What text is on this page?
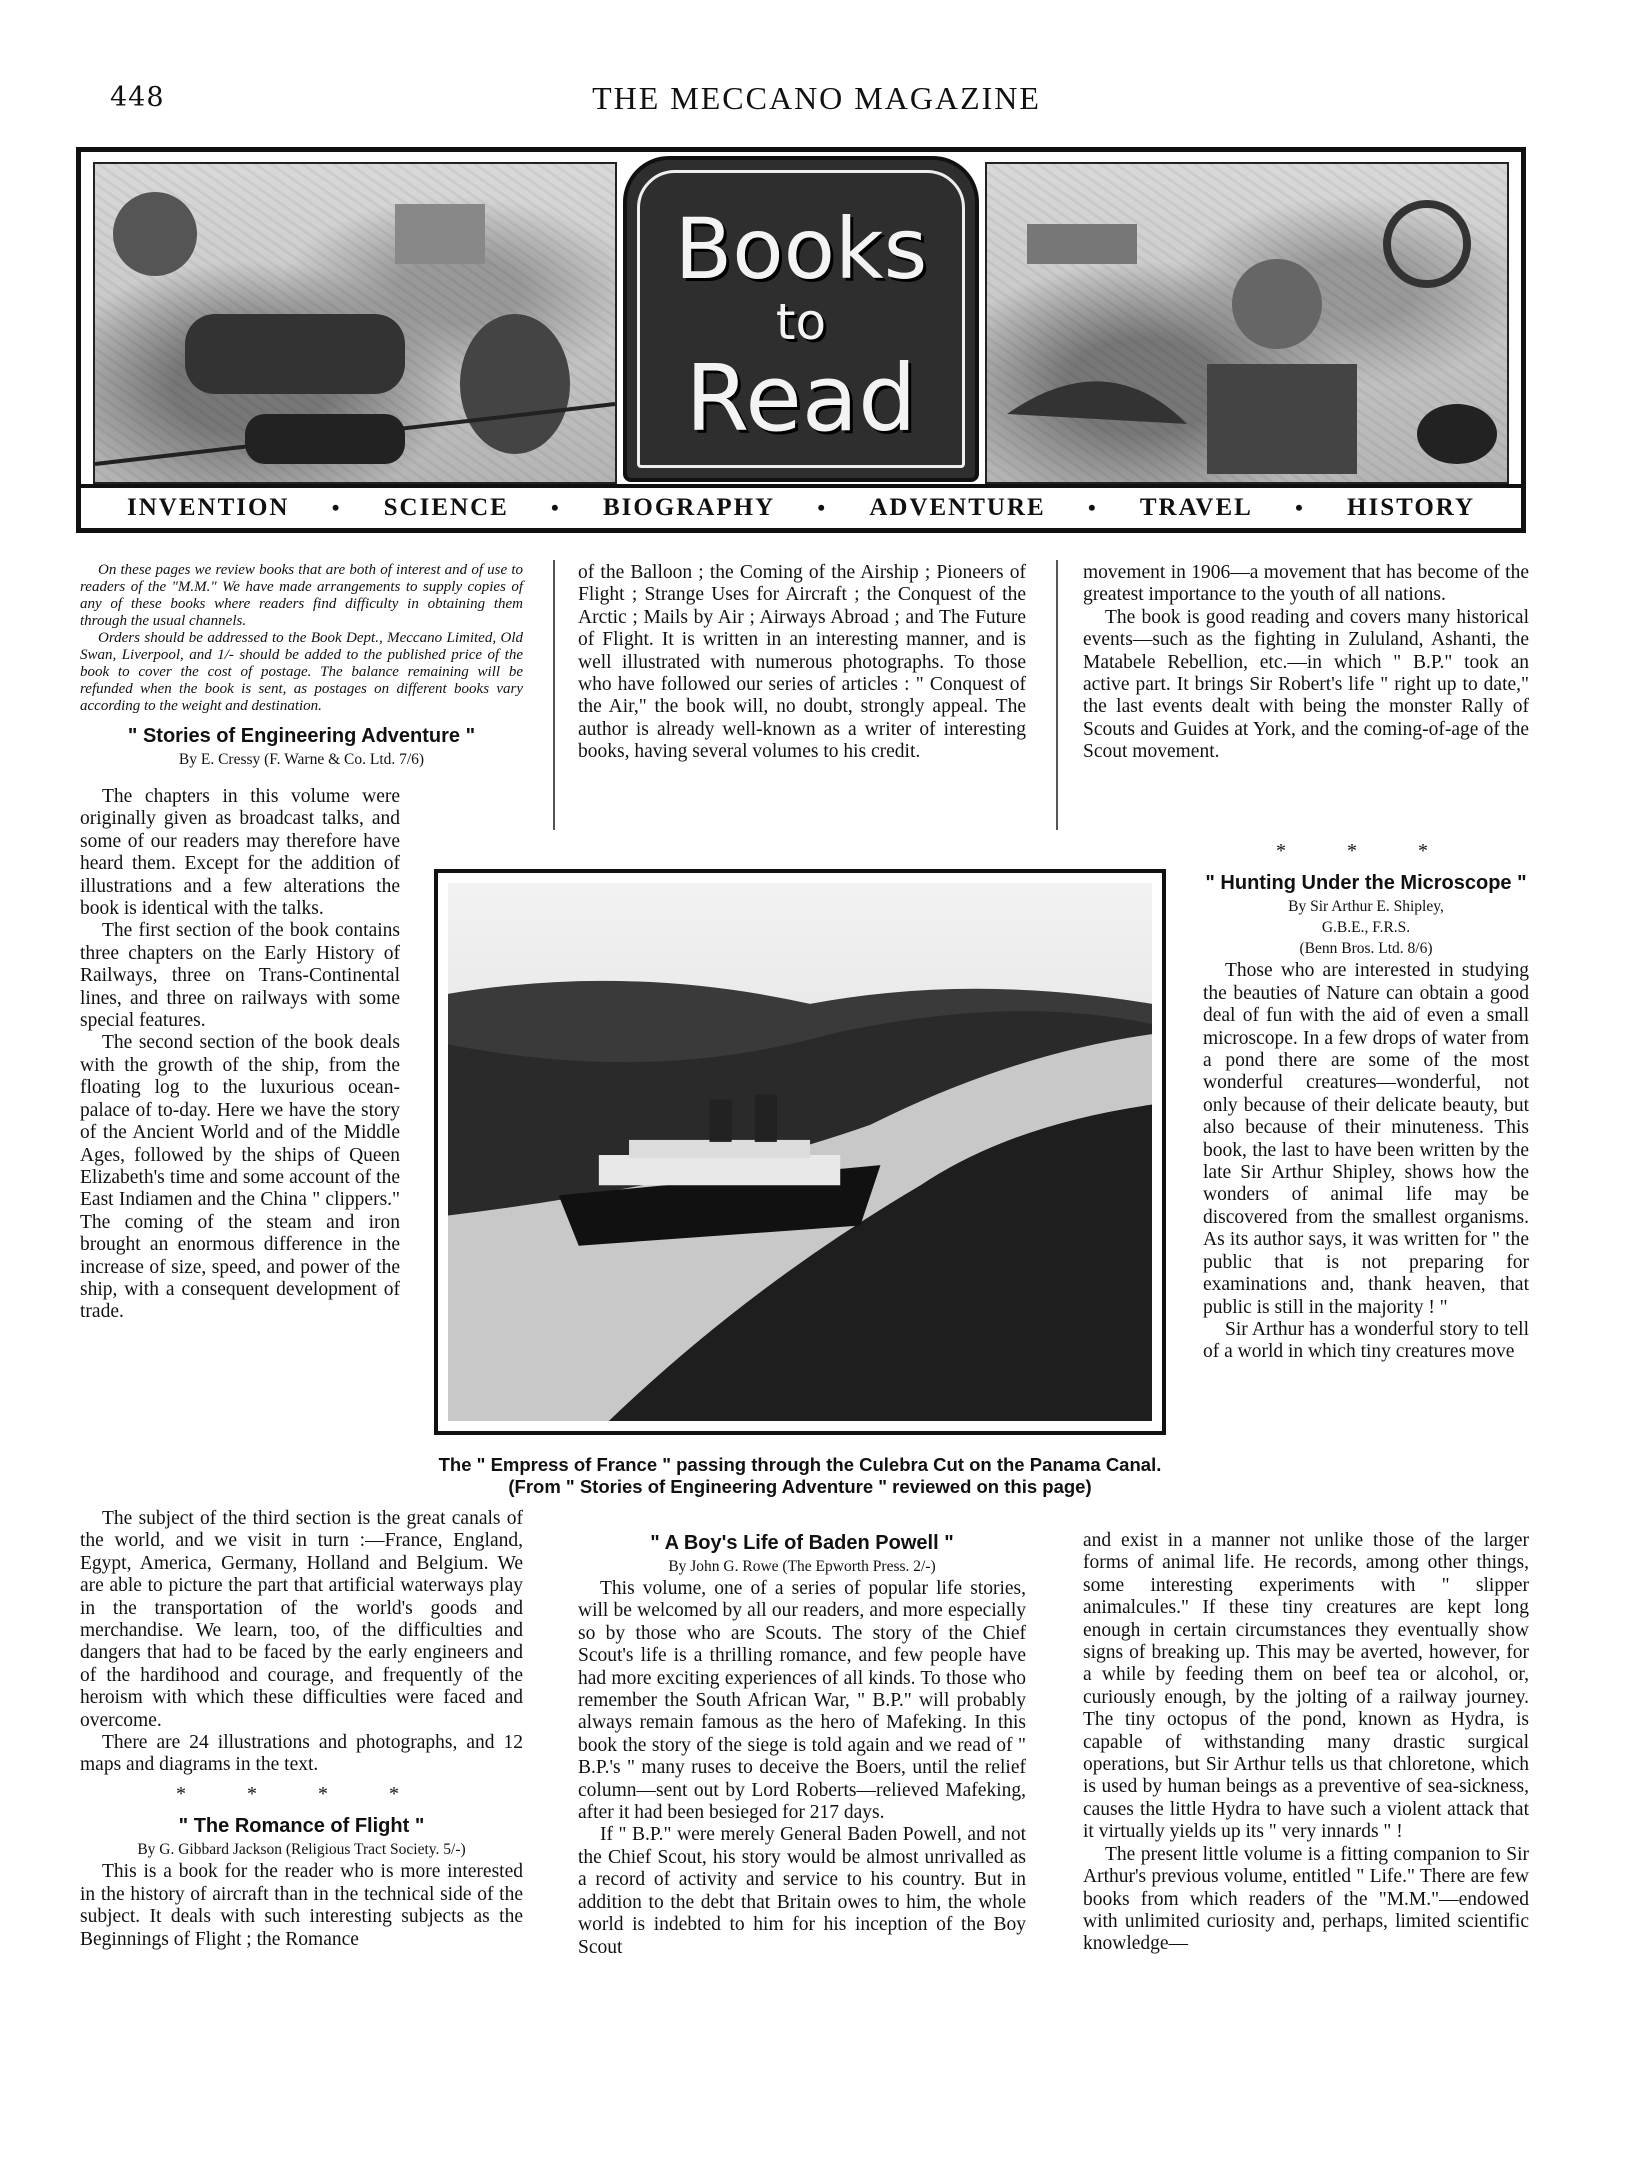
448	THE MECCANO MAGAZINE
Books
to
Read
INVENTION • SCIENCE • BIOGRAPHY • ADVENTURE • TRAVEL • HISTORY

On these pages we review books that are both of interest and of use to readers of the "M.M." We have made arrangements to supply copies of any of these books where readers find difficulty in obtaining them through the usual channels.

Orders should be addressed to the Book Dept., Meccano Limited, Old Swan, Liverpool, and 1/- should be added to the published price of the book to cover the cost of postage. The balance remaining will be refunded when the book is sent, as postages on different books vary according to the weight and destination.

" Stories of Engineering Adventure "
By E. Cressy (F. Warne & Co. Ltd. 7/6)

The chapters in this volume were originally given as broadcast talks, and some of our readers may therefore have heard them. Except for the addition of illustrations and a few alterations the book is identical with the talks.

The first section of the book contains three chapters on the Early History of Railways, three on Trans-Continental lines, and three on railways with some special features.

The second section of the book deals with the growth of the ship, from the floating log to the luxurious ocean-palace of to-day. Here we have the story of the Ancient World and of the Middle Ages, followed by the ships of Queen Elizabeth's time and some account of the East Indiamen and the China " clippers." The coming of the steam and iron brought an enormous difference in the increase of size, speed, and power of the ship, with a consequent development of trade.

The subject of the third section is the great canals of the world, and we visit in turn :—France, England, Egypt, America, Germany, Holland and Belgium. We are able to picture the part that artificial waterways play in the transportation of the world's goods and merchandise. We learn, too, of the difficulties and dangers that had to be faced by the early engineers and of the hardihood and courage, and frequently of the heroism with which these difficulties were faced and overcome.

There are 24 illustrations and photographs, and 12 maps and diagrams in the text.

* * * *
" The Romance of Flight "
By G. Gibbard Jackson (Religious Tract Society. 5/-)

This is a book for the reader who is more interested in the history of aircraft than in the technical side of the subject. It deals with such interesting subjects as the Beginnings of Flight ; the Romance

of the Balloon ; the Coming of the Airship ; Pioneers of Flight ; Strange Uses for Aircraft ; the Conquest of the Arctic ; Mails by Air ; Airways Abroad ; and The Future of Flight. It is written in an interesting manner, and is well illustrated with numerous photographs. To those who have followed our series of articles : " Conquest of the Air," the book will, no doubt, strongly appeal. The author is already well-known as a writer of interesting books, having several volumes to his credit.

The " Empress of France " passing through the Culebra Cut on the Panama Canal. (From " Stories of Engineering Adventure " reviewed on this page)
" A Boy's Life of Baden Powell "
By John G. Rowe (The Epworth Press. 2/-)

This volume, one of a series of popular life stories, will be welcomed by all our readers, and more especially so by those who are Scouts. The story of the Chief Scout's life is a thrilling romance, and few people have had more exciting experiences of all kinds. To those who remember the South African War, " B.P." will probably always remain famous as the hero of Mafeking. In this book the story of the siege is told again and we read of " B.P.'s " many ruses to deceive the Boers, until the relief column—sent out by Lord Roberts—relieved Mafeking, after it had been besieged for 217 days.

If " B.P." were merely General Baden Powell, and not the Chief Scout, his story would be almost unrivalled as a record of activity and service to his country. But in addition to the debt that Britain owes to him, the whole world is indebted to him for his inception of the Boy Scout

movement in 1906—a movement that has become of the greatest importance to the youth of all nations.

The book is good reading and covers many historical events—such as the fighting in Zululand, Ashanti, the Matabele Rebellion, etc.—in which " B.P." took an active part. It brings Sir Robert's life " right up to date," the last events dealt with being the monster Rally of Scouts and Guides at York, and the coming-of-age of the Scout movement.

* * *
" Hunting Under the Microscope "
By Sir Arthur E. Shipley,
G.B.E., F.R.S.
(Benn Bros. Ltd. 8/6)

Those who are interested in studying the beauties of Nature can obtain a good deal of fun with the aid of even a small microscope. In a few drops of water from a pond there are some of the most wonderful creatures—wonderful, not only because of their delicate beauty, but also because of their minuteness. This book, the last to have been written by the late Sir Arthur Shipley, shows how the wonders of animal life may be discovered from the smallest organisms. As its author says, it was written for " the public that is not preparing for examinations and, thank heaven, that public is still in the majority ! "

Sir Arthur has a wonderful story to tell of a world in which tiny creatures move

and exist in a manner not unlike those of the larger forms of animal life. He records, among other things, some interesting experiments with " slipper animalcules." If these tiny creatures are kept long enough in certain circumstances they eventually show signs of breaking up. This may be averted, however, for a while by feeding them on beef tea or alcohol, or, curiously enough, by the jolting of a railway journey. The tiny octopus of the pond, known as Hydra, is capable of withstanding many drastic surgical operations, but Sir Arthur tells us that chloretone, which is used by human beings as a preventive of sea-sickness, causes the little Hydra to have such a violent attack that it virtually yields up its " very innards " !

The present little volume is a fitting companion to Sir Arthur's previous volume, entitled " Life." There are few books from which readers of the "M.M."—endowed with unlimited curiosity and, perhaps, limited scientific knowledge—
